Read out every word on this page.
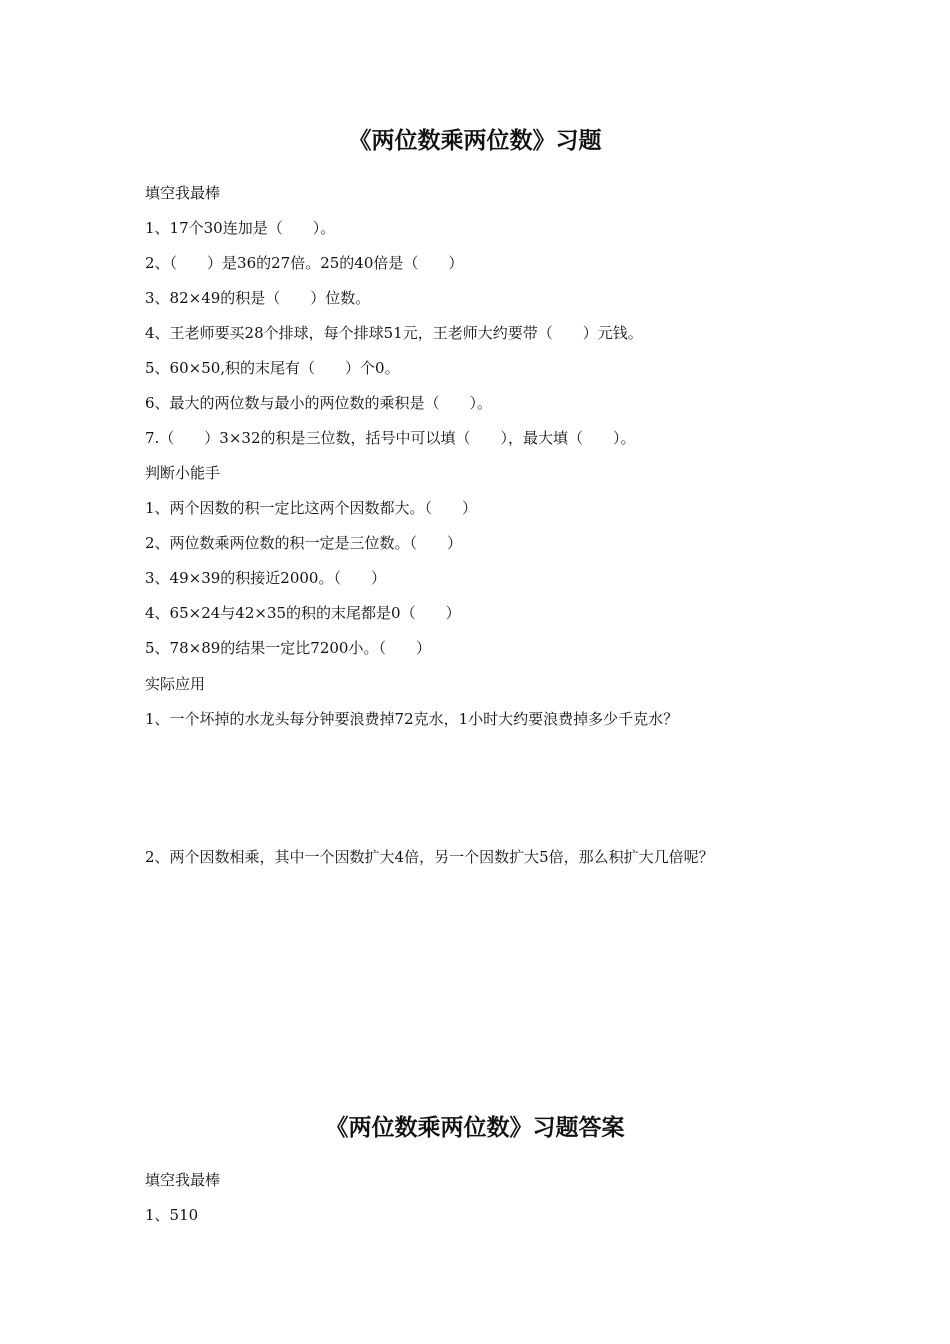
《两位数乘两位数》习题
填空我最棒
1、17个30连加是（　　）。
2、（　　）是36的27倍。25的40倍是（　　）
3、82×49的积是（　　）位数。
4、王老师要买28个排球，每个排球51元，王老师大约要带（　　）元钱。
5、60×50,积的末尾有（　　）个0。
6、最大的两位数与最小的两位数的乘积是（　　）。
7.（　　）3×32的积是三位数，括号中可以填（　　），最大填（　　）。
判断小能手
1、两个因数的积一定比这两个因数都大。（　　）
2、两位数乘两位数的积一定是三位数。（　　）
3、49×39的积接近2000。（　　）
4、65×24与42×35的积的末尾都是0（　　）
5、78×89的结果一定比7200小。（　　）
实际应用
1、一个坏掉的水龙头每分钟要浪费掉72克水，1小时大约要浪费掉多少千克水？
2、两个因数相乘，其中一个因数扩大4倍，另一个因数扩大5倍，那么积扩大几倍呢？
《两位数乘两位数》习题答案
填空我最棒
1、510
